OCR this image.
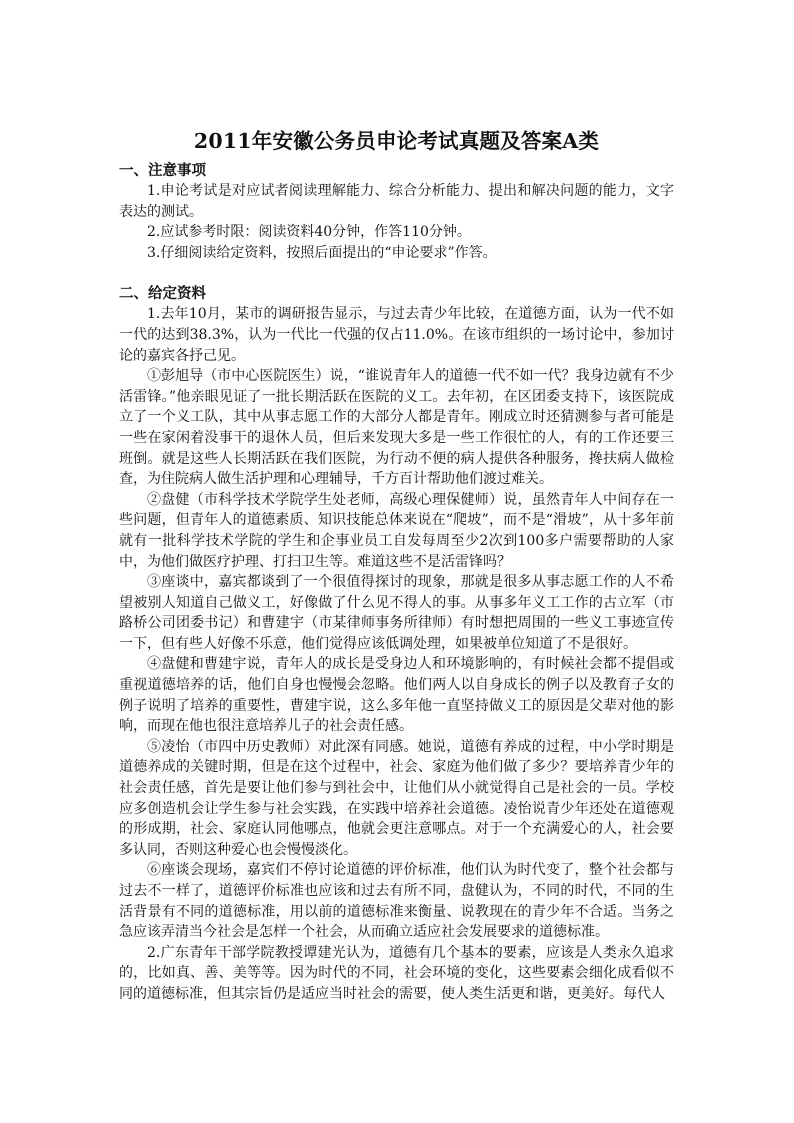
2011年安徽公务员申论考试真题及答案A类
一、注意事项

1.申论考试是对应试者阅读理解能力、综合分析能力、提出和解决问题的能力，文字表达的测试。

2.应试参考时限：阅读资料40分钟，作答110分钟。

3.仔细阅读给定资料，按照后面提出的“申论要求”作答。

二、给定资料

1.去年10月，某市的调研报告显示，与过去青少年比较，在道德方面，认为一代不如一代的达到38.3%，认为一代比一代强的仅占11.0%。在该市组织的一场讨论中，参加讨论的嘉宾各抒己见。

①彭旭导（市中心医院医生）说，“谁说青年人的道德一代不如一代？我身边就有不少活雷锋。”他亲眼见证了一批长期活跃在医院的义工。去年初，在区团委支持下，该医院成立了一个义工队，其中从事志愿工作的大部分人都是青年。刚成立时还猜测参与者可能是一些在家闲着没事干的退休人员，但后来发现大多是一些工作很忙的人，有的工作还要三班倒。就是这些人长期活跃在我们医院，为行动不便的病人提供各种服务，搀扶病人做检查，为住院病人做生活护理和心理辅导，千方百计帮助他们渡过难关。

②盘健（市科学技术学院学生处老师，高级心理保健师）说，虽然青年人中间存在一些问题，但青年人的道德素质、知识技能总体来说在“爬坡”，而不是“滑坡”，从十多年前就有一批科学技术学院的学生和企事业员工自发每周至少2次到100多户需要帮助的人家中，为他们做医疗护理、打扫卫生等。难道这些不是活雷锋吗？

③座谈中，嘉宾都谈到了一个很值得探讨的现象，那就是很多从事志愿工作的人不希望被别人知道自己做义工，好像做了什么见不得人的事。从事多年义工工作的古立军（市路桥公司团委书记）和曹建宇（市某律师事务所律师）有时想把周围的一些义工事迹宣传一下，但有些人好像不乐意，他们觉得应该低调处理，如果被单位知道了不是很好。

④盘健和曹建宇说，青年人的成长是受身边人和环境影响的，有时候社会都不提倡或重视道德培养的话，他们自身也慢慢会忽略。他们两人以自身成长的例子以及教育子女的例子说明了培养的重要性，曹建宇说，这么多年他一直坚持做义工的原因是父辈对他的影响，而现在他也很注意培养儿子的社会责任感。

⑤凌怡（市四中历史教师）对此深有同感。她说，道德有养成的过程，中小学时期是道德养成的关键时期，但是在这个过程中，社会、家庭为他们做了多少？要培养青少年的社会责任感，首先是要让他们参与到社会中，让他们从小就觉得自己是社会的一员。学校应多创造机会让学生参与社会实践，在实践中培养社会道德。凌怡说青少年还处在道德观的形成期，社会、家庭认同他哪点，他就会更注意哪点。对于一个充满爱心的人，社会要多认同，否则这种爱心也会慢慢淡化。

⑥座谈会现场，嘉宾们不停讨论道德的评价标准，他们认为时代变了，整个社会都与过去不一样了，道德评价标准也应该和过去有所不同，盘健认为，不同的时代，不同的生活背景有不同的道德标准，用以前的道德标准来衡量、说教现在的青少年不合适。当务之急应该弄清当今社会是怎样一个社会，从而确立适应社会发展要求的道德标准。

2.广东青年干部学院教授谭建光认为，道德有几个基本的要素，应该是人类永久追求的，比如真、善、美等等。因为时代的不同，社会环境的变化，这些要素会细化成看似不同的道德标准，但其宗旨仍是适应当时社会的需要，使人类生活更和谐，更美好。每代人
